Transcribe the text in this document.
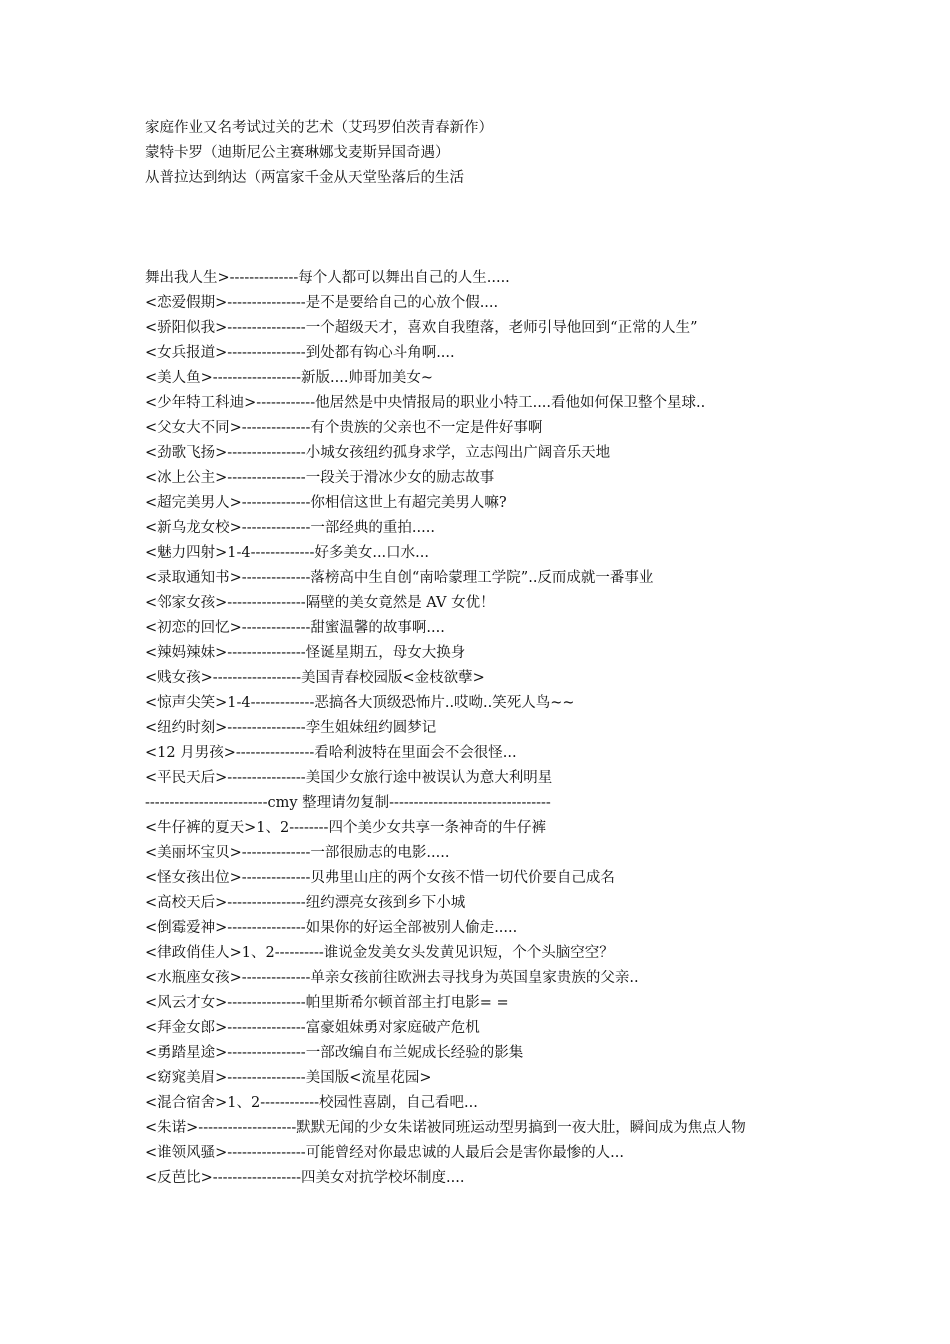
家庭作业又名考试过关的艺术（艾玛罗伯茨青春新作）
蒙特卡罗（迪斯尼公主赛琳娜戈麦斯异国奇遇）
从普拉达到纳达（两富家千金从天堂坠落后的生活
舞出我人生>--------------每个人都可以舞出自己的人生.....
<恋爱假期>----------------是不是要给自己的心放个假....
<骄阳似我>----------------一个超级天才，喜欢自我堕落，老师引导他回到“正常的人生”
<女兵报道>----------------到处都有钩心斗角啊....
<美人鱼>------------------新版....帅哥加美女~
<少年特工科迪>------------他居然是中央情报局的职业小特工....看他如何保卫整个星球..
<父女大不同>--------------有个贵族的父亲也不一定是件好事啊
<劲歌飞扬>----------------小城女孩纽约孤身求学，立志闯出广阔音乐天地
<冰上公主>----------------一段关于滑冰少女的励志故事
<超完美男人>--------------你相信这世上有超完美男人嘛?
<新乌龙女校>--------------一部经典的重拍.....
<魅力四射>1-4-------------好多美女...口水...
<录取通知书>--------------落榜高中生自创“南哈蒙理工学院”..反而成就一番事业
<邻家女孩>----------------隔壁的美女竟然是 AV 女优！
<初恋的回忆>--------------甜蜜温馨的故事啊....
<辣妈辣妹>----------------怪诞星期五，母女大换身
<贱女孩>------------------美国青春校园版<金枝欲孽>
<惊声尖笑>1-4-------------恶搞各大顶级恐怖片..哎呦..笑死人鸟~~
<纽约时刻>----------------孪生姐妹纽约圆梦记
<12 月男孩>----------------看哈利波特在里面会不会很怪...
<平民天后>----------------美国少女旅行途中被误认为意大利明星
-------------------------cmy 整理请勿复制---------------------------------
<牛仔裤的夏天>1、2--------四个美少女共享一条神奇的牛仔裤
<美丽坏宝贝>--------------一部很励志的电影.....
<怪女孩出位>--------------贝弗里山庄的两个女孩不惜一切代价要自己成名
<高校天后>----------------纽约漂亮女孩到乡下小城
<倒霉爱神>----------------如果你的好运全部被别人偷走.....
<律政俏佳人>1、2----------谁说金发美女头发黄见识短，个个头脑空空？
<水瓶座女孩>--------------单亲女孩前往欧洲去寻找身为英国皇家贵族的父亲..
<风云才女>----------------帕里斯希尔顿首部主打电影= =
<拜金女郎>----------------富豪姐妹勇对家庭破产危机
<勇踏星途>----------------一部改编自布兰妮成长经验的影集
<窈窕美眉>----------------美国版<流星花园>
<混合宿舍>1、2------------校园性喜剧，自己看吧...
<朱诺>--------------------默默无闻的少女朱诺被同班运动型男搞到一夜大肚，瞬间成为焦点人物
<谁领风骚>----------------可能曾经对你最忠诚的人最后会是害你最惨的人...
<反芭比>------------------四美女对抗学校坏制度....
